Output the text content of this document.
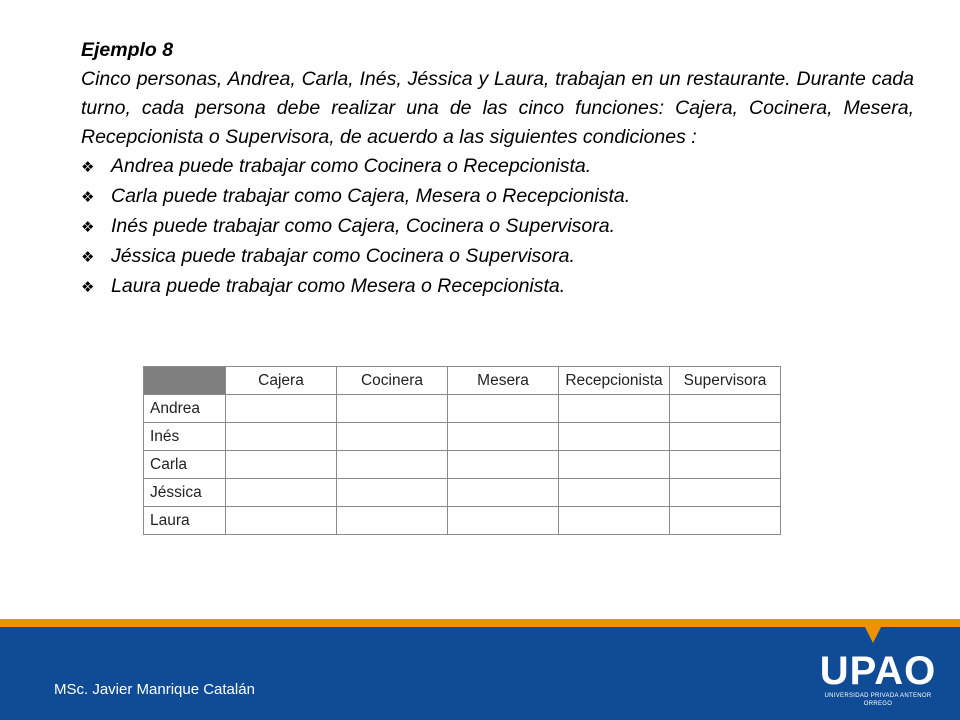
Ejemplo 8
Cinco personas, Andrea, Carla, Inés, Jéssica y Laura, trabajan en un restaurante. Durante cada turno, cada persona debe realizar una de las cinco funciones: Cajera, Cocinera, Mesera, Recepcionista o Supervisora, de acuerdo a las siguientes condiciones :
❖ Andrea puede trabajar como Cocinera o Recepcionista.
❖ Carla puede trabajar como Cajera, Mesera o Recepcionista.
❖ Inés puede trabajar como Cajera, Cocinera o Supervisora.
❖ Jéssica puede trabajar como Cocinera o Supervisora.
❖ Laura puede trabajar como Mesera o Recepcionista.
	Cajera	Cocinera	Mesera	Recepcionista	Supervisora
Andrea					
Inés					
Carla					
Jéssica					
Laura					
MSc. Javier Manrique Catalán	UPAO
UNIVERSIDAD PRIVADA ANTENOR ORREGO
